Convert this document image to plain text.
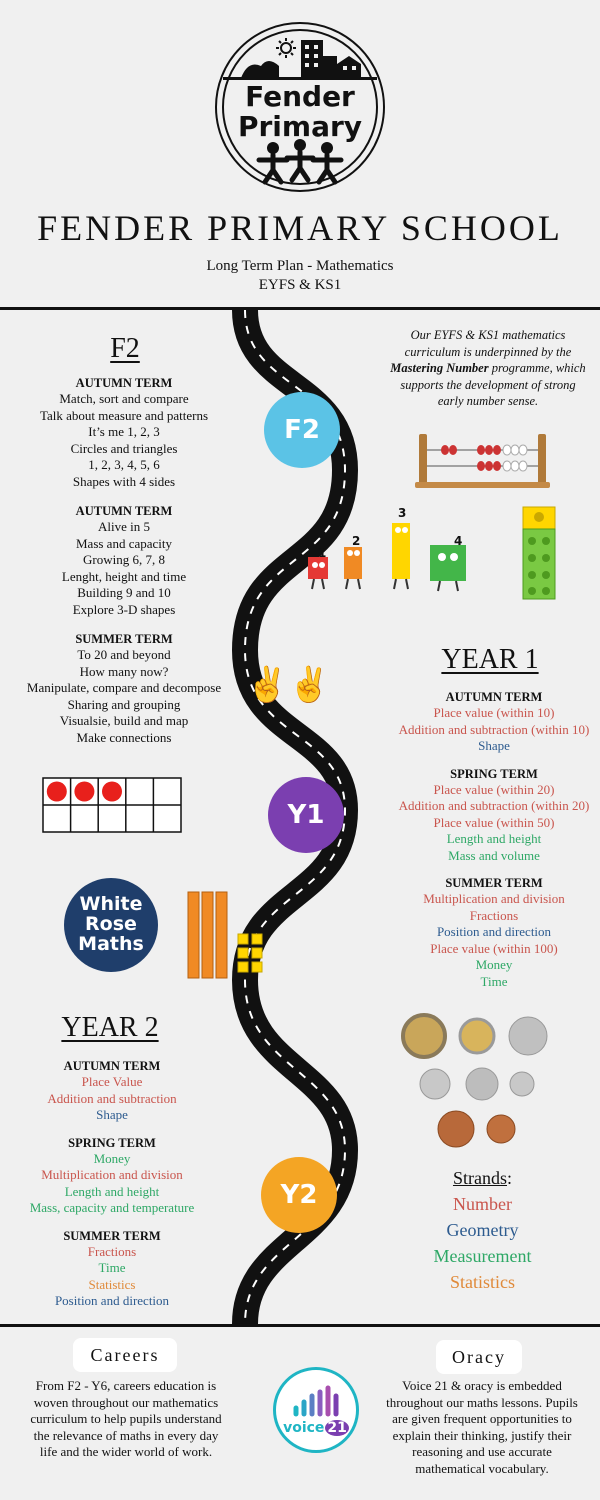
Fender
Primary
FENDER PRIMARY SCHOOL
Long Term Plan - Mathematics
EYFS & KS1
F2
Y1
Y2
F2
AUTUMN TERM
Match, sort and compare
Talk about measure and patterns
It’s me 1, 2, 3
Circles and triangles
1, 2, 3, 4, 5, 6
Shapes with 4 sides
AUTUMN TERM
Alive in 5
Mass and capacity
Growing 6, 7, 8
Lenght, height and time
Building 9 and 10
Explore 3-D shapes
SUMMER TERM
To 20 and beyond
How many now?
Manipulate, compare and decompose
Sharing and grouping
Visualsie, build and map
Make connections
Our EYFS & KS1 mathematics curriculum is underpinned by the Mastering Number programme, which supports the development of strong early number sense.
1
2
3
4
✌✌
YEAR 1
AUTUMN TERM
Place value (within 10)
Addition and subtraction (within 10)
Shape
SPRING TERM
Place value (within 20)
Addition and subtraction (within 20)
Place value (within 50)
Length and height
Mass and volume
SUMMER TERM
Multiplication and division
Fractions
Position and direction
Place value (within 100)
Money
Time
White
Rose
Maths
YEAR 2
AUTUMN TERM
Place Value
Addition and subtraction
Shape
SPRING TERM
Money
Multiplication and division
Length and height
Mass, capacity and temperature
SUMMER TERM
Fractions
Time
Statistics
Position and direction
Strands:
Number
Geometry
Measurement
Statistics
Careers
From F2 - Y6, careers education is woven throughout our mathematics curriculum to help pupils understand the relevance of maths in every day life and the wider world of work.
Oracy
Voice 21 & oracy is embedded throughout our maths lessons. Pupils are given frequent opportunities to explain their thinking, justify their reasoning and use accurate mathematical vocabulary.
voice 21
